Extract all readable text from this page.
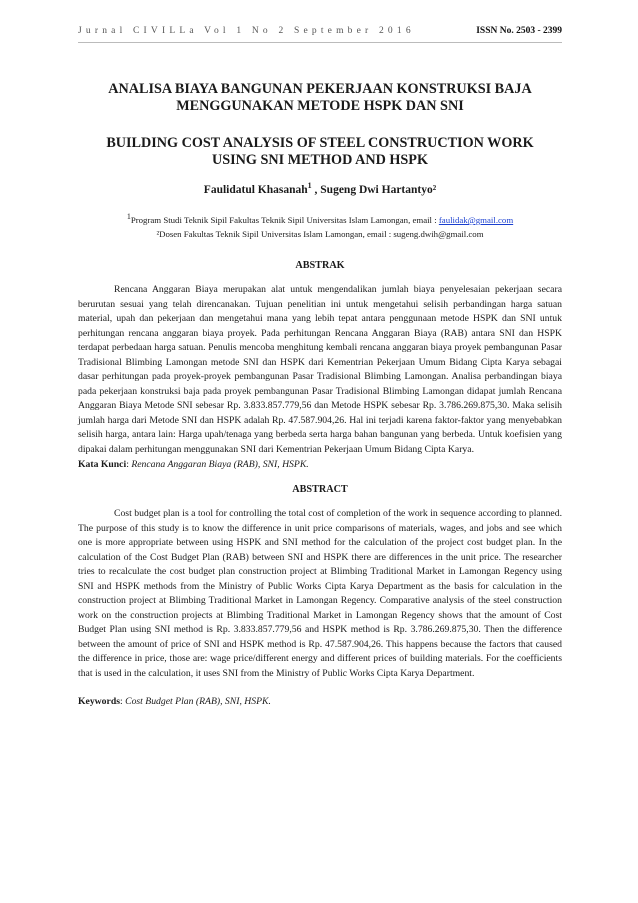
Jurnal CIVILLa Vol 1 No 2 September 2016	ISSN No. 2503 - 2399
ANALISA BIAYA BANGUNAN PEKERJAAN KONSTRUKSI BAJA
MENGGUNAKAN METODE HSPK DAN SNI
BUILDING COST ANALYSIS OF STEEL CONSTRUCTION WORK
USING SNI METHOD AND HSPK
Faulidatul Khasanah$^1$ , Sugeng Dwi Hartantyo²
1Program Studi Teknik Sipil Fakultas Teknik Sipil Universitas Islam Lamongan, email : faulidak@gmail.com
²Dosen Fakultas Teknik Sipil Universitas Islam Lamongan, email : sugeng.dwih@gmail.com
ABSTRAK
Rencana Anggaran Biaya merupakan alat untuk mengendalikan jumlah biaya penyelesaian pekerjaan secara berurutan sesuai yang telah direncanakan. Tujuan penelitian ini untuk mengetahui selisih perbandingan harga satuan material, upah dan pekerjaan dan mengetahui mana yang lebih tepat antara penggunaan metode HSPK dan SNI untuk perhitungan rencana anggaran biaya proyek. Pada perhitungan Rencana Anggaran Biaya (RAB) antara SNI dan HSPK terdapat perbedaan harga satuan. Penulis mencoba menghitung kembali rencana anggaran biaya proyek pembangunan Pasar Tradisional Blimbing Lamongan metode SNI dan HSPK dari Kementrian Pekerjaan Umum Bidang Cipta Karya sebagai dasar perhitungan pada proyek-proyek pembangunan Pasar Tradisional Blimbing Lamongan. Analisa perbandingan biaya pada pekerjaan konstruksi baja pada proyek pembangunan Pasar Tradisional Blimbing Lamongan didapat jumlah Rencana Anggaran Biaya Metode SNI sebesar Rp. 3.833.857.779,56 dan Metode HSPK sebesar Rp. 3.786.269.875,30. Maka selisih jumlah harga dari Metode SNI dan HSPK adalah Rp. 47.587.904,26. Hal ini terjadi karena faktor-faktor yang menyebabkan selisih harga, antara lain: Harga upah/tenaga yang berbeda serta harga bahan bangunan yang berbeda. Untuk koefisien yang dipakai dalam perhitungan menggunakan SNI dari Kementrian Pekerjaan Umum Bidang Cipta Karya.
Kata Kunci: Rencana Anggaran Biaya (RAB), SNI, HSPK.
ABSTRACT
Cost budget plan is a tool for controlling the total cost of completion of the work in sequence according to planned. The purpose of this study is to know the difference in unit price comparisons of materials, wages, and jobs and see which one is more appropriate between using HSPK and SNI method for the calculation of the project cost budget plan. In the calculation of the Cost Budget Plan (RAB) between SNI and HSPK there are differences in the unit price. The researcher tries to recalculate the cost budget plan construction project at Blimbing Traditional Market in Lamongan Regency using SNI and HSPK methods from the Ministry of Public Works Cipta Karya Department as the basis for calculation in the construction project at Blimbing Traditional Market in Lamongan Regency. Comparative analysis of the steel construction work on the construction projects at Blimbing Traditional Market in Lamongan Regency shows that the amount of Cost Budget Plan using SNI method is Rp. 3.833.857.779,56 and HSPK method is Rp. 3.786.269.875,30. Then the difference between the amount of price of SNI and HSPK method is Rp. 47.587.904,26. This happens because the factors that caused the difference in price, those are: wage price/different energy and different prices of building materials. For the coefficients that is used in the calculation, it uses SNI from the Ministry of Public Works Cipta Karya Department.
Keywords: Cost Budget Plan (RAB), SNI, HSPK.
